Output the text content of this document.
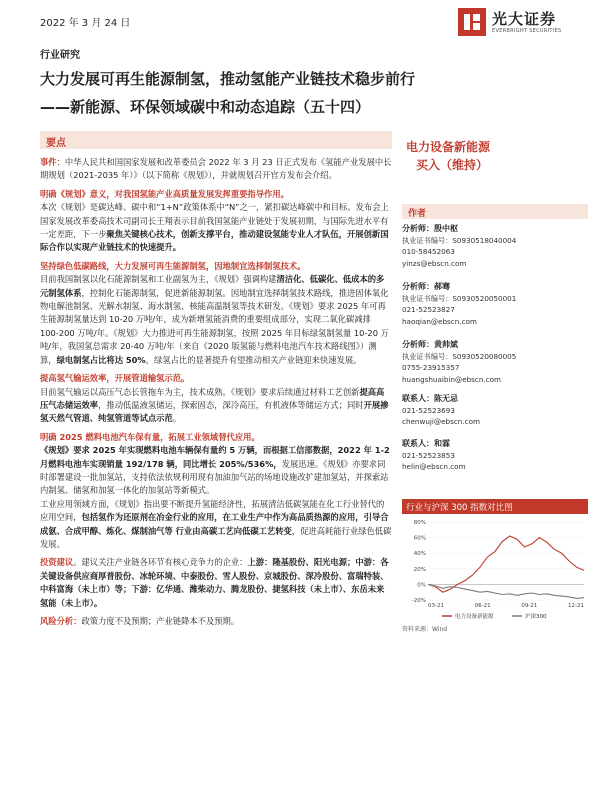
2022 年 3 月 24 日	光大证券
EVERBRIGHT SECURITIES
行业研究
大力发展可再生能源制氢，推动氢能产业链技术稳步前行
——新能源、环保领域碳中和动态追踪（五十四）
要点

事件：中华人民共和国国家发展和改革委员会 2022 年 3 月 23 日正式发布《氢能产业发展中长期规划（2021-2035 年）》（以下简称《规划》），并就规划召开官方发布会介绍。

明确《规划》意义，对我国氢能产业高质量发展发挥重要指导作用。

本次《规划》是碳达峰、碳中和“1+N”政策体系中“N”之一，紧扣碳达峰碳中和目标。发布会上国家发展改革委高技术司副司长王翔表示目前我国氢能产业链处于发展初期，与国际先进水平有一定差距，下一步聚焦关键核心技术，创新支撑平台，推动建设氢能专业人才队伍，开展创新国际合作以实现产业链技术的快速提升。

坚持绿色低碳路线，大力发展可再生能源制氢，因地制宜选择制氢技术。

目前我国制氢以化石能源制氢和工业副氢为主，《规划》强调构建清洁化、低碳化、低成本的多元制氢体系，控制化石能源制氢，促进新能源制氢。因地制宜选择制氢技术路线，推进固体氧化物电解池制氢、光解水制氢、海水制氢、核能高温制氢等技术研发。《规划》要求 2025 年可再生能源制氢量达到 10-20 万吨/年，成为新增氢能消费的重要组成部分，实现二氧化碳减排 100-200 万吨/年。《规划》大力推进可再生能源制氢，按照 2025 年目标绿氢制氢量 10-20 万吨/年，我国氢总需求 20-40 万吨/年（来自《2020 版氢能与燃料电池汽车技术路线图》）测算，绿电制氢占比将达 50%，绿氢占比的显著提升有望推动相关产业链迎来快速发展。

提高氢气输运效率，开展管道输氢示范。

目前氢气输运以高压气态长管拖车为主，技术成熟。《规划》要求后续通过材料工艺创新提高高压气态储运效率，推动低温液氢储运，探索固态，深冷高压，有机液体等储运方式；同时开展掺氢天然气管道、纯氢管道等试点示范。

明确 2025 燃料电池汽车保有量，拓展工业领域替代应用。

《规划》要求 2025 年实现燃料电池车辆保有量约 5 万辆，而根据工信部数据，2022 年 1-2 月燃料电池车实现销量 192/178 辆，同比增长 205%/536%，发展迅速。《规划》亦要求同时部署建设一批加氢站，支持依法依规利用现有加油加气站的场地设施改扩建加氢站，并探索站内制氢、储氢和加氢一体化的加氢站等新模式。

工业应用领域方面，《规划》指出要不断提升氢能经济性，拓展清洁低碳氢能在化工行业替代的应用空间，包括氢作为还原剂在冶金行业的应用，在工业生产中作为高品质热源的应用，引导合成氨、合成甲醇、炼化、煤制油气等 行业由高碳工艺向低碳工艺转变，促进高耗能行业绿色低碳发展。

投资建议。建议关注产业链各环节有核心竞争力的企业：上游：隆基股份、阳光电源；中游：各关键设备供应商厚普股份、冰轮环境、中泰股份、雪人股份、京城股份、深冷股份、富瑞特装、中科富海（未上市）等；下游：亿华通、潍柴动力、腾龙股份、捷氢科技（未上市）、东岳未来氢能（未上市）。

风险分析：政策力度不及预期；产业链降本不及预期。

电力设备新能源
买入（维持）
作者
分析师：殷中枢
执业证书编号：S0930518040004
010-58452063
yinzs@ebscn.com
分析师：郝骞
执业证书编号：S0930520050001
021-52523827
haoqian@ebscn.com
分析师：黄帅斌
执业证书编号：S0930520080005
0755-23915357
huangshuaibin@ebscn.com
联系人：陈无忌
021-52523693
chenwuji@ebscn.com
联系人：和霖
021-52523853
helin@ebscn.com
行业与沪深 300 指数对比图
80%
60%
40%
20%
0%
-20%
03-21	06-21	09-21	12-21
电力设备新能源	沪深300
资料来源：Wind
